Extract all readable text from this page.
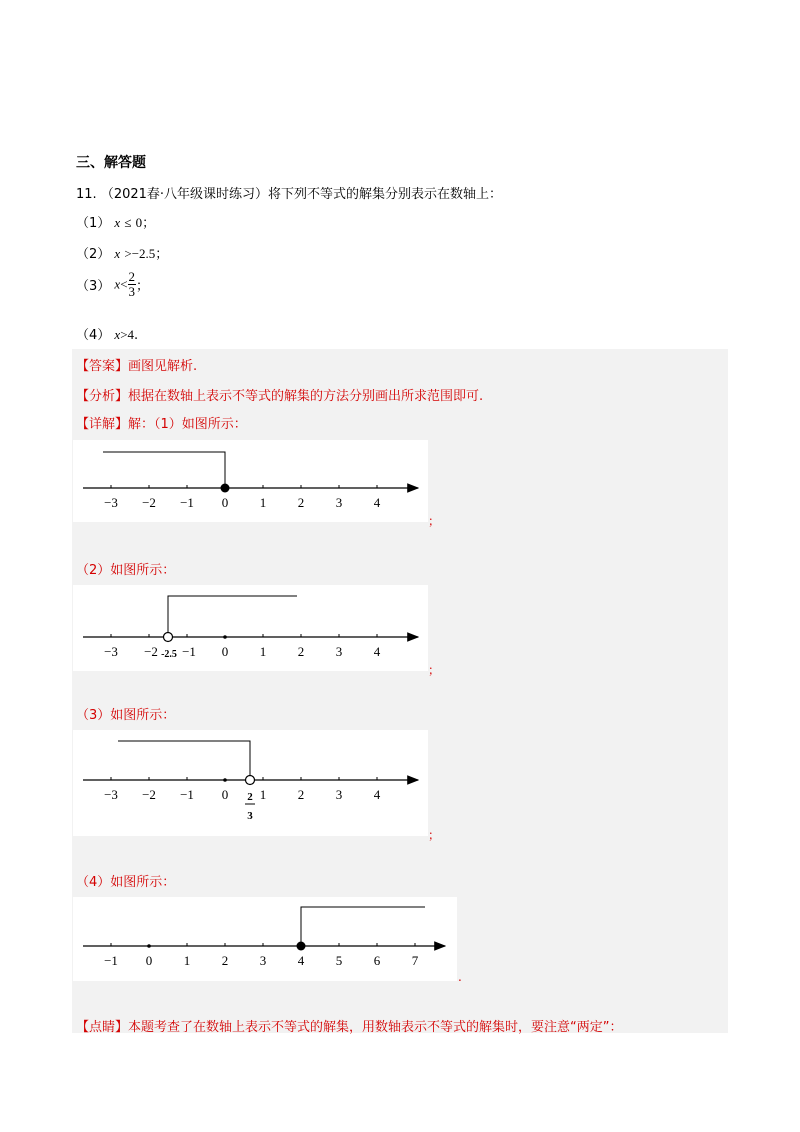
三、解答题
11. （2021春·八年级课时练习）将下列不等式的解集分别表示在数轴上：
（1） x ≤ 0；
（2） x >−2.5；
（3） $x< \frac{2}{3}$ ；
（4） x>4.
【答案】画图见解析.
【分析】根据在数轴上表示不等式的解集的方法分别画出所求范围即可.
【详解】解：（1）如图所示：
−3 −2 −1 0 1 2 3 4
；
（2）如图所示：
−3 −2 −1 0 1 2 3 4
-2.5
；
（3）如图所示：
−3 −2 −1 0 1 2 3 4
2
3
；
（4）如图所示：
−1 0 1 2 3 4 5 6 7
.
【点睛】本题考查了在数轴上表示不等式的解集，用数轴表示不等式的解集时，要注意“两定”：
